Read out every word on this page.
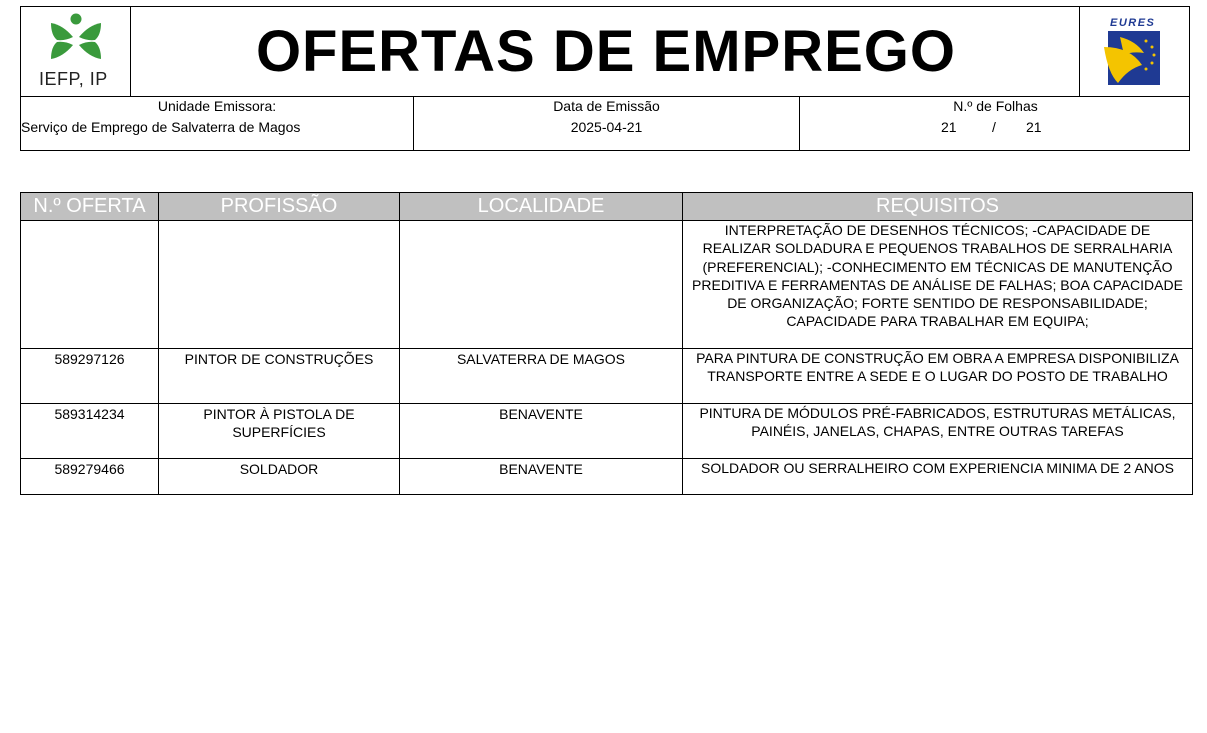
IEFP, IP	OFERTAS DE EMPREGO	EURES
Unidade Emissora:
Serviço de Emprego de Salvaterra de Magos
Data de Emissão
2025-04-21
N.º de Folhas
21	/ 21
N.º OFERTA	PROFISSÃO	LOCALIDADE	REQUISITOS
			INTERPRETAÇÃO DE DESENHOS TÉCNICOS; -CAPACIDADE DE REALIZAR SOLDADURA E PEQUENOS TRABALHOS DE SERRALHARIA (PREFERENCIAL); -CONHECIMENTO EM TÉCNICAS DE MANUTENÇÃO PREDITIVA E FERRAMENTAS DE ANÁLISE DE FALHAS; BOA CAPACIDADE DE ORGANIZAÇÃO; FORTE SENTIDO DE RESPONSABILIDADE; CAPACIDADE PARA TRABALHAR EM EQUIPA;
589297126	PINTOR DE CONSTRUÇÕES	SALVATERRA DE MAGOS	PARA PINTURA DE CONSTRUÇÃO EM OBRA A EMPRESA DISPONIBILIZA TRANSPORTE ENTRE A SEDE E O LUGAR DO POSTO DE TRABALHO
589314234	PINTOR À PISTOLA DE SUPERFÍCIES	BENAVENTE	PINTURA DE MÓDULOS PRÉ-FABRICADOS, ESTRUTURAS METÁLICAS, PAINÉIS, JANELAS, CHAPAS, ENTRE OUTRAS TAREFAS
589279466	SOLDADOR	BENAVENTE	SOLDADOR OU SERRALHEIRO COM EXPERIENCIA MINIMA DE 2 ANOS
